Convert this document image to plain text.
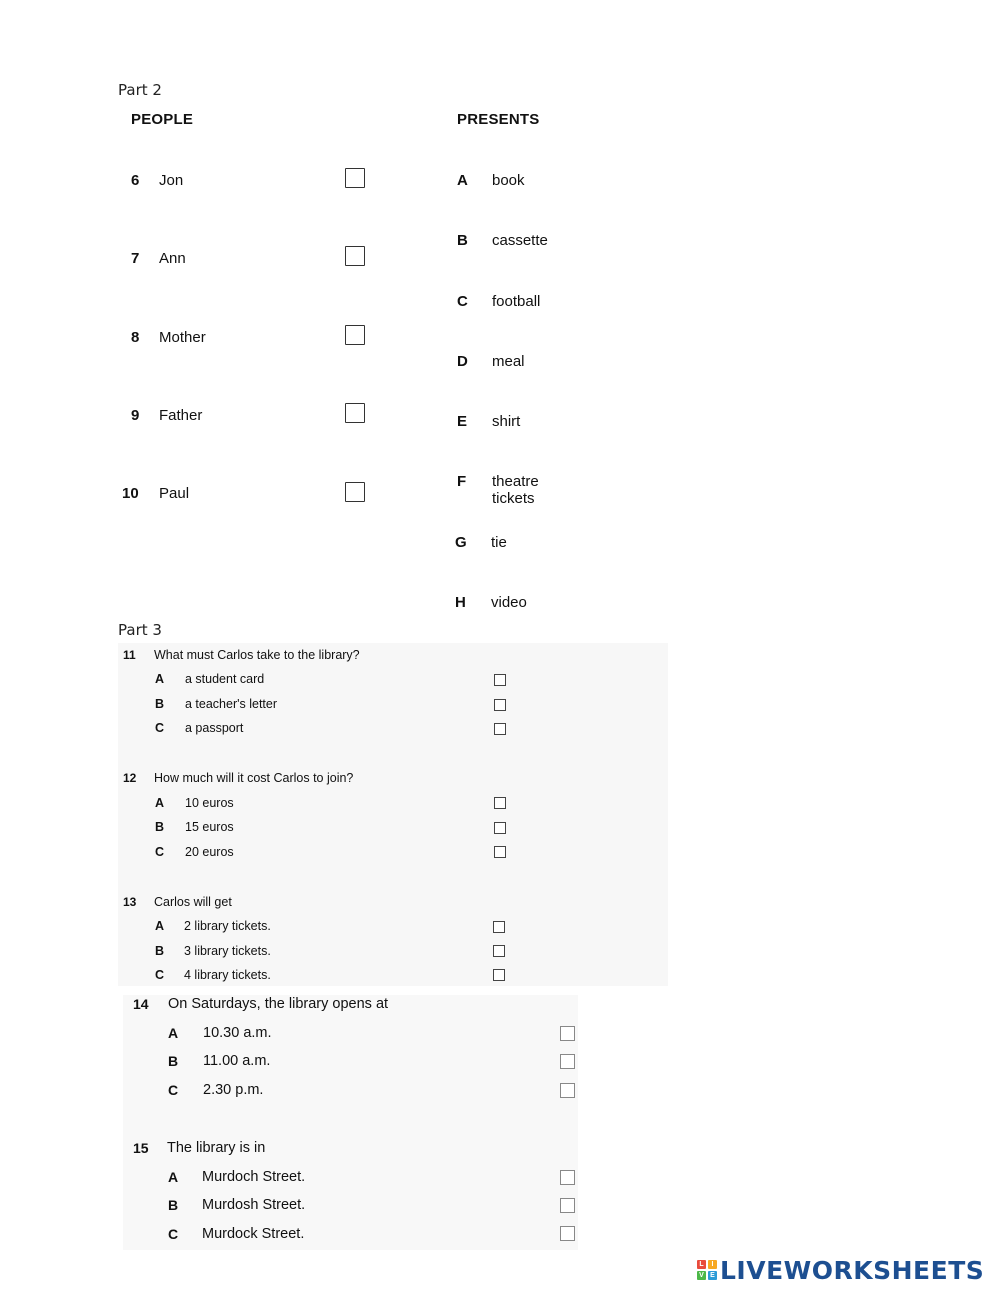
Part 2
PEOPLE	PRESENTS
6 Jon
7 Ann
8 Mother
9 Father
10 Paul
A book
B cassette
C football
D meal
E shirt
F theatre tickets
G tie
H video
Part 3
11 What must Carlos take to the library?
A a student card
B a teacher's letter
C a passport
12 How much will it cost Carlos to join?
A 10 euros
B 15 euros
C 20 euros
13 Carlos will get
A 2 library tickets.
B 3 library tickets.
C 4 library tickets.
14 On Saturdays, the library opens at
A 10.30 a.m.
B 11.00 a.m.
C 2.30 p.m.
15 The library is in
A Murdoch Street.
B Murdosh Street.
C Murdock Street.
L	I
V E LIVEWORKSHEETS
